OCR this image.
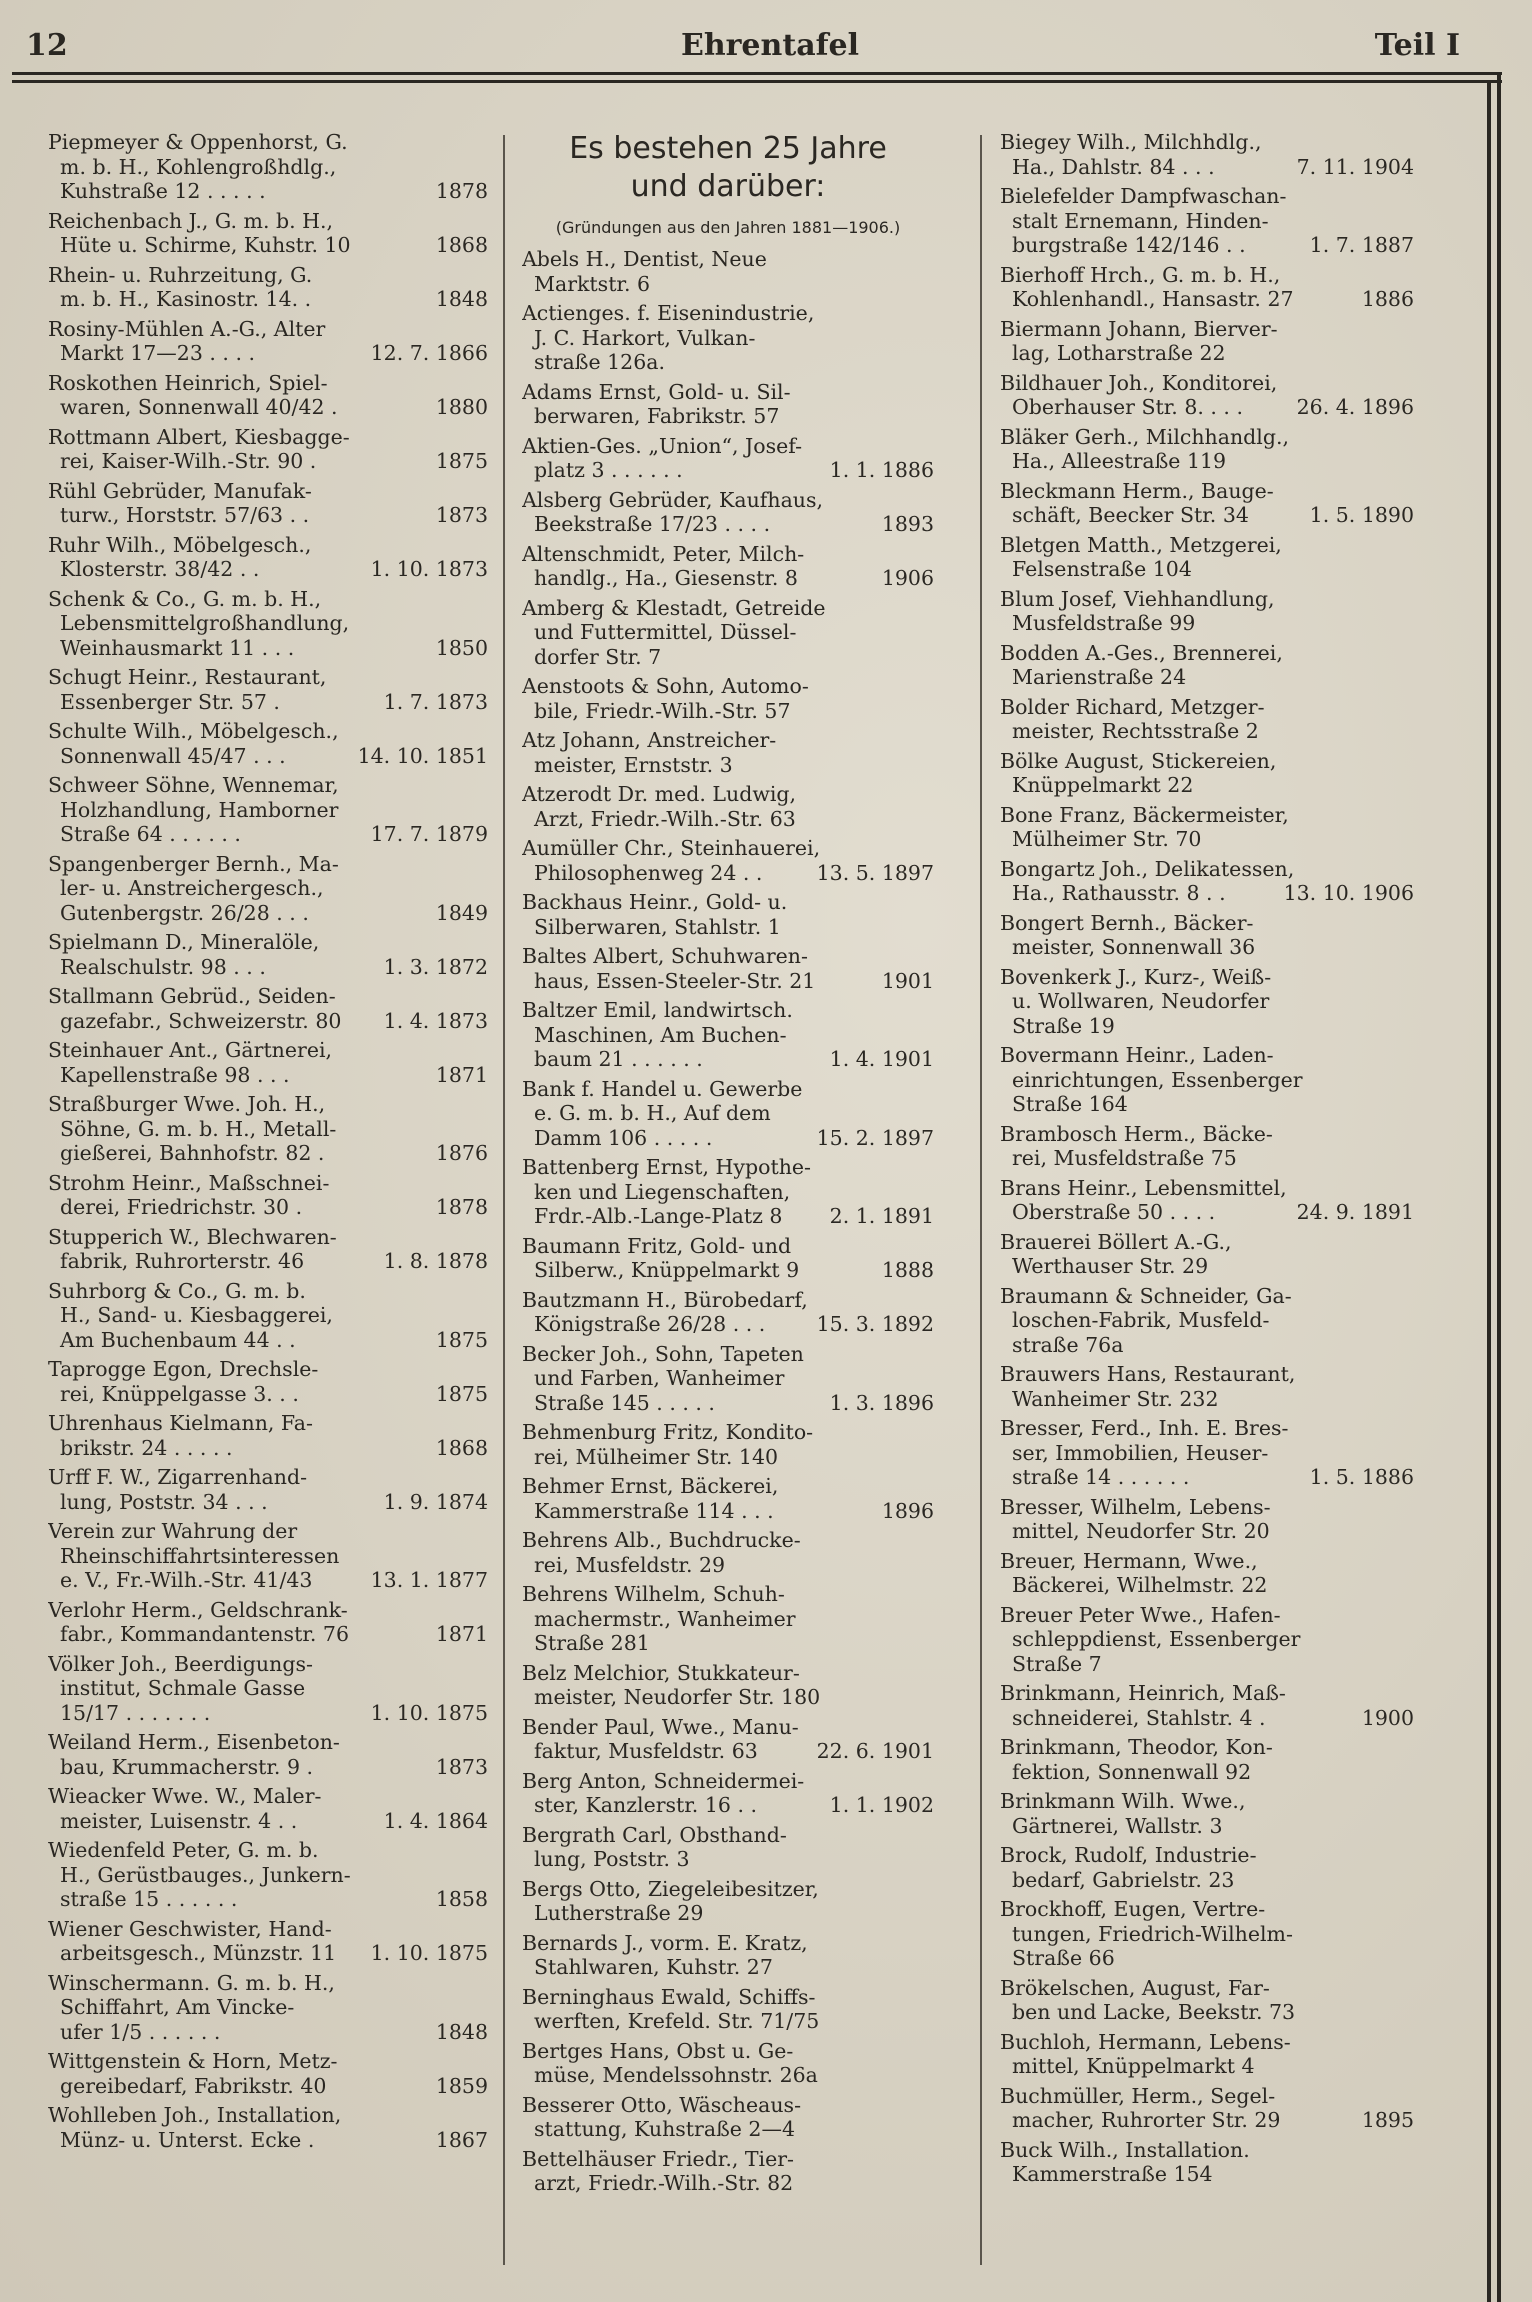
12	Ehrentafel	Teil I
Piepmeyer & Oppenhorst, G.
m. b. H., Kohlengroßhdlg.,
Kuhstraße 12 . . . . .	1878
Reichenbach J., G. m. b. H.,
Hüte u. Schirme, Kuhstr. 10	1868
Rhein- u. Ruhrzeitung, G.
m. b. H., Kasinostr. 14. .	1848
Rosiny-Mühlen A.-G., Alter
Markt 17—23 . . . .	12. 7. 1866
Roskothen Heinrich, Spiel-
waren, Sonnenwall 40/42 .	1880
Rottmann Albert, Kiesbagge-
rei, Kaiser-Wilh.-Str. 90 .	1875
Rühl Gebrüder, Manufak-
turw., Horststr. 57/63 . .	1873
Ruhr Wilh., Möbelgesch.,
Klosterstr. 38/42 . .	1. 10. 1873
Schenk & Co., G. m. b. H.,
Lebensmittelgroßhandlung,
Weinhausmarkt 11 . . .	1850
Schugt Heinr., Restaurant,
Essenberger Str. 57 .	1. 7. 1873
Schulte Wilh., Möbelgesch.,
Sonnenwall 45/47 . . .	14. 10. 1851
Schweer Söhne, Wennemar,
Holzhandlung, Hamborner
Straße 64 . . . . . .	17. 7. 1879
Spangenberger Bernh., Ma-
ler- u. Anstreichergesch.,
Gutenbergstr. 26/28 . . .	1849
Spielmann D., Mineralöle,
Realschulstr. 98 . . .	1. 3. 1872
Stallmann Gebrüd., Seiden-
gazefabr., Schweizerstr. 80	1. 4. 1873
Steinhauer Ant., Gärtnerei,
Kapellenstraße 98 . . .	1871
Straßburger Wwe. Joh. H.,
Söhne, G. m. b. H., Metall-
gießerei, Bahnhofstr. 82 .	1876
Strohm Heinr., Maßschnei-
derei, Friedrichstr. 30 .	1878
Stupperich W., Blechwaren-
fabrik, Ruhrorterstr. 46	1. 8. 1878
Suhrborg & Co., G. m. b.
H., Sand- u. Kiesbaggerei,
Am Buchenbaum 44 . .	1875
Taprogge Egon, Drechsle-
rei, Knüppelgasse 3. . .	1875
Uhrenhaus Kielmann, Fa-
brikstr. 24 . . . . .	1868
Urff F. W., Zigarrenhand-
lung, Poststr. 34 . . .	1. 9. 1874
Verein zur Wahrung der
Rheinschiffahrtsinteressen
e. V., Fr.-Wilh.-Str. 41/43	13. 1. 1877
Verlohr Herm., Geldschrank-
fabr., Kommandantenstr. 76	1871
Völker Joh., Beerdigungs-
institut, Schmale Gasse
15/17 . . . . . . .	1. 10. 1875
Weiland Herm., Eisenbeton-
bau, Krummacherstr. 9 .	1873
Wieacker Wwe. W., Maler-
meister, Luisenstr. 4 . .	1. 4. 1864
Wiedenfeld Peter, G. m. b.
H., Gerüstbauges., Junkern-
straße 15 . . . . . .	1858
Wiener Geschwister, Hand-
arbeitsgesch., Münzstr. 11	1. 10. 1875
Winschermann. G. m. b. H.,
Schiffahrt, Am Vincke-
ufer 1/5 . . . . . .	1848
Wittgenstein & Horn, Metz-
gereibedarf, Fabrikstr. 40	1859
Wohlleben Joh., Installation,
Münz- u. Unterst. Ecke .	1867
Es bestehen 25 Jahre
und darüber:
(Gründungen aus den Jahren 1881—1906.)
Abels H., Dentist, Neue
Marktstr. 6
Actienges. f. Eisenindustrie,
J. C. Harkort, Vulkan-
straße 126a.
Adams Ernst, Gold- u. Sil-
berwaren, Fabrikstr. 57
Aktien-Ges. „Union“, Josef-
platz 3 . . . . . .	1. 1. 1886
Alsberg Gebrüder, Kaufhaus,
Beekstraße 17/23 . . . .	1893
Altenschmidt, Peter, Milch-
handlg., Ha., Giesenstr. 8	1906
Amberg & Klestadt, Getreide
und Futtermittel, Düssel-
dorfer Str. 7
Aenstoots & Sohn, Automo-
bile, Friedr.-Wilh.-Str. 57
Atz Johann, Anstreicher-
meister, Ernststr. 3
Atzerodt Dr. med. Ludwig,
Arzt, Friedr.-Wilh.-Str. 63
Aumüller Chr., Steinhauerei,
Philosophenweg 24 . .	13. 5. 1897
Backhaus Heinr., Gold- u.
Silberwaren, Stahlstr. 1
Baltes Albert, Schuhwaren-
haus, Essen-Steeler-Str. 21	1901
Baltzer Emil, landwirtsch.
Maschinen, Am Buchen-
baum 21 . . . . . .	1. 4. 1901
Bank f. Handel u. Gewerbe
e. G. m. b. H., Auf dem
Damm 106 . . . . .	15. 2. 1897
Battenberg Ernst, Hypothe-
ken und Liegenschaften,
Frdr.-Alb.-Lange-Platz 8	2. 1. 1891
Baumann Fritz, Gold- und
Silberw., Knüppelmarkt 9	1888
Bautzmann H., Bürobedarf,
Königstraße 26/28 . . .	15. 3. 1892
Becker Joh., Sohn, Tapeten
und Farben, Wanheimer
Straße 145 . . . . .	1. 3. 1896
Behmenburg Fritz, Kondito-
rei, Mülheimer Str. 140
Behmer Ernst, Bäckerei,
Kammerstraße 114 . . .	1896
Behrens Alb., Buchdrucke-
rei, Musfeldstr. 29
Behrens Wilhelm, Schuh-
machermstr., Wanheimer
Straße 281
Belz Melchior, Stukkateur-
meister, Neudorfer Str. 180
Bender Paul, Wwe., Manu-
faktur, Musfeldstr. 63	22. 6. 1901
Berg Anton, Schneidermei-
ster, Kanzlerstr. 16 . .	1. 1. 1902
Bergrath Carl, Obsthand-
lung, Poststr. 3
Bergs Otto, Ziegeleibesitzer,
Lutherstraße 29
Bernards J., vorm. E. Kratz,
Stahlwaren, Kuhstr. 27
Berninghaus Ewald, Schiffs-
werften, Krefeld. Str. 71/75
Bertges Hans, Obst u. Ge-
müse, Mendelssohnstr. 26a
Besserer Otto, Wäscheaus-
stattung, Kuhstraße 2—4
Bettelhäuser Friedr., Tier-
arzt, Friedr.-Wilh.-Str. 82
Biegey Wilh., Milchhdlg.,
Ha., Dahlstr. 84 . . .	7. 11. 1904
Bielefelder Dampfwaschan-
stalt Ernemann, Hinden-
burgstraße 142/146 . .	1. 7. 1887
Bierhoff Hrch., G. m. b. H.,
Kohlenhandl., Hansastr. 27	1886
Biermann Johann, Bierver-
lag, Lotharstraße 22
Bildhauer Joh., Konditorei,
Oberhauser Str. 8. . . .	26. 4. 1896
Bläker Gerh., Milchhandlg.,
Ha., Alleestraße 119
Bleckmann Herm., Bauge-
schäft, Beecker Str. 34	1. 5. 1890
Bletgen Matth., Metzgerei,
Felsenstraße 104
Blum Josef, Viehhandlung,
Musfeldstraße 99
Bodden A.-Ges., Brennerei,
Marienstraße 24
Bolder Richard, Metzger-
meister, Rechtsstraße 2
Bölke August, Stickereien,
Knüppelmarkt 22
Bone Franz, Bäckermeister,
Mülheimer Str. 70
Bongartz Joh., Delikatessen,
Ha., Rathausstr. 8 . .	13. 10. 1906
Bongert Bernh., Bäcker-
meister, Sonnenwall 36
Bovenkerk J., Kurz-, Weiß-
u. Wollwaren, Neudorfer
Straße 19
Bovermann Heinr., Laden-
einrichtungen, Essenberger
Straße 164
Brambosch Herm., Bäcke-
rei, Musfeldstraße 75
Brans Heinr., Lebensmittel,
Oberstraße 50 . . . .	24. 9. 1891
Brauerei Böllert A.-G.,
Werthauser Str. 29
Braumann & Schneider, Ga-
loschen-Fabrik, Musfeld-
straße 76a
Brauwers Hans, Restaurant,
Wanheimer Str. 232
Bresser, Ferd., Inh. E. Bres-
ser, Immobilien, Heuser-
straße 14 . . . . . .	1. 5. 1886
Bresser, Wilhelm, Lebens-
mittel, Neudorfer Str. 20
Breuer, Hermann, Wwe.,
Bäckerei, Wilhelmstr. 22
Breuer Peter Wwe., Hafen-
schleppdienst, Essenberger
Straße 7
Brinkmann, Heinrich, Maß-
schneiderei, Stahlstr. 4 .	1900
Brinkmann, Theodor, Kon-
fektion, Sonnenwall 92
Brinkmann Wilh. Wwe.,
Gärtnerei, Wallstr. 3
Brock, Rudolf, Industrie-
bedarf, Gabrielstr. 23
Brockhoff, Eugen, Vertre-
tungen, Friedrich-Wilhelm-
Straße 66
Brökelschen, August, Far-
ben und Lacke, Beekstr. 73
Buchloh, Hermann, Lebens-
mittel, Knüppelmarkt 4
Buchmüller, Herm., Segel-
macher, Ruhrorter Str. 29	1895
Buck Wilh., Installation.
Kammerstraße 154
